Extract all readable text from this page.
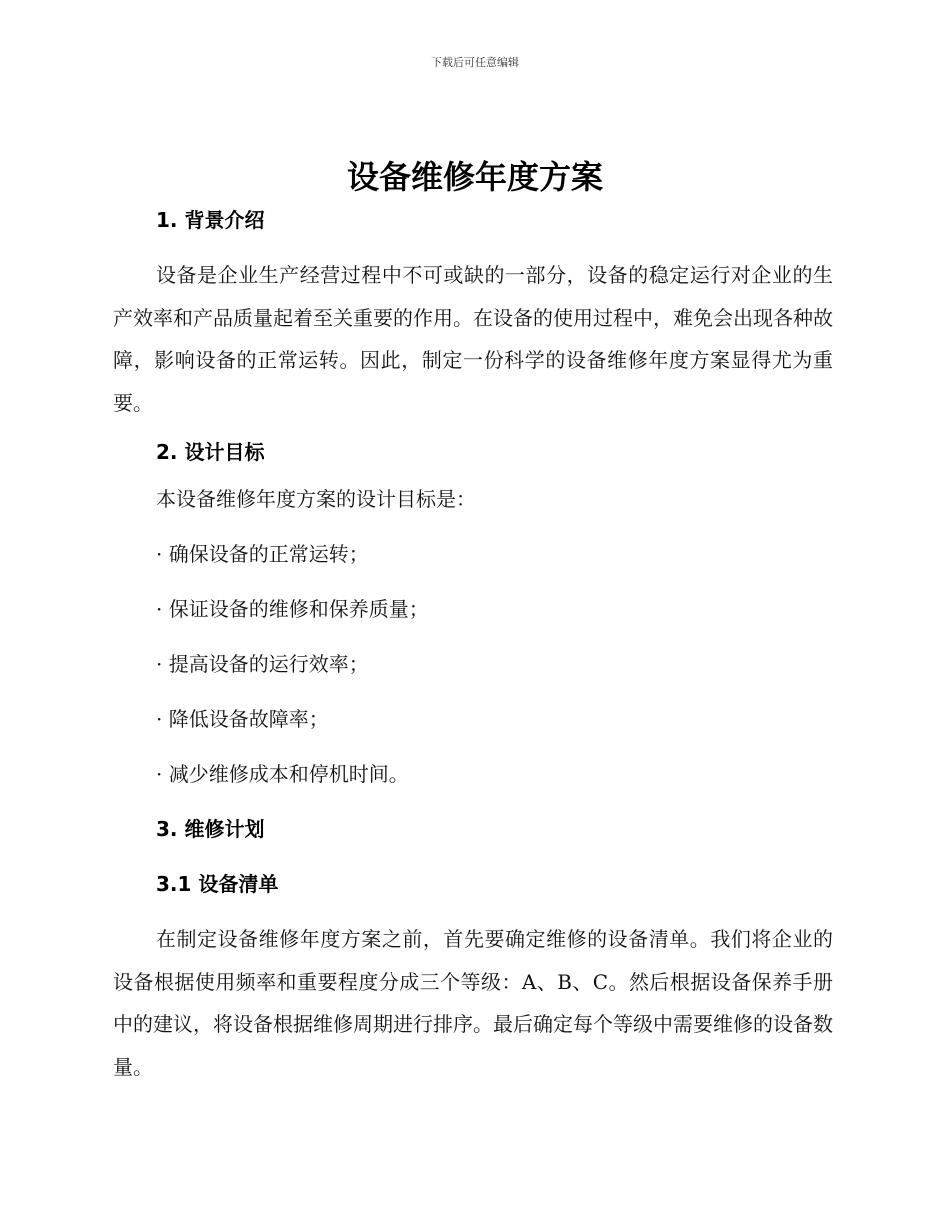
下载后可任意编辑
设备维修年度方案
1. 背景介绍

设备是企业生产经营过程中不可或缺的一部分，设备的稳定运行对企业的生产效率和产品质量起着至关重要的作用。在设备的使用过程中，难免会出现各种故障，影响设备的正常运转。因此，制定一份科学的设备维修年度方案显得尤为重要。

2. 设计目标

本设备维修年度方案的设计目标是：

· 确保设备的正常运转；

· 保证设备的维修和保养质量；

· 提高设备的运行效率；

· 降低设备故障率；

· 减少维修成本和停机时间。

3. 维修计划
3.1 设备清单

在制定设备维修年度方案之前，首先要确定维修的设备清单。我们将企业的设备根据使用频率和重要程度分成三个等级：A、B、C。然后根据设备保养手册中的建议，将设备根据维修周期进行排序。最后确定每个等级中需要维修的设备数量。
